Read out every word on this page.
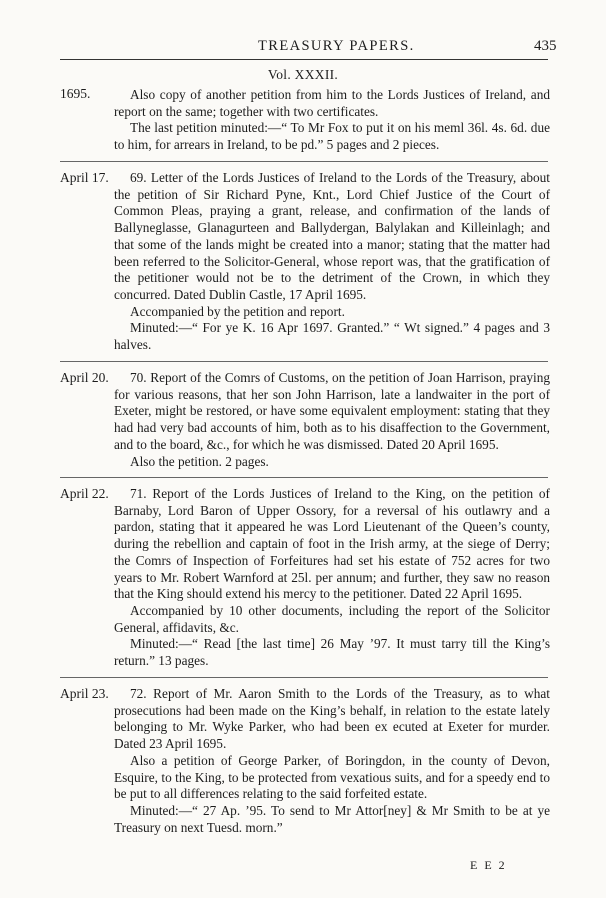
TREASURY PAPERS.	435
Vol. XXXII.
1695.	Also copy of another petition from him to the Lords Justices of Ireland, and report on the same; together with two certificates.

The last petition minuted:—“ To Mr Fox to put it on his meml 36l. 4s. 6d. due to him, for arrears in Ireland, to be pd.” 5 pages and 2 pieces.

April 17.	69. Letter of the Lords Justices of Ireland to the Lords of the Treasury, about the petition of Sir Richard Pyne, Knt., Lord Chief Justice of the Court of Common Pleas, praying a grant, release, and confirmation of the lands of Ballyneglasse, Glanagurteen and Ballydergan, Balylakan and Killeinlagh; and that some of the lands might be created into a manor; stating that the matter had been referred to the Solicitor-General, whose report was, that the gratification of the petitioner would not be to the detriment of the Crown, in which they concurred. Dated Dublin Castle, 17 April 1695.

Accompanied by the petition and report.

Minuted:—“ For ye K. 16 Apr 1697. Granted.” “ Wt signed.” 4 pages and 3 halves.

April 20.	70. Report of the Comrs of Customs, on the petition of Joan Harrison, praying for various reasons, that her son John Harrison, late a landwaiter in the port of Exeter, might be restored, or have some equivalent employment: stating that they had had very bad accounts of him, both as to his disaffection to the Government, and to the board, &c., for which he was dismissed. Dated 20 April 1695.

Also the petition. 2 pages.

April 22.	71. Report of the Lords Justices of Ireland to the King, on the petition of Barnaby, Lord Baron of Upper Ossory, for a reversal of his outlawry and a pardon, stating that it appeared he was Lord Lieutenant of the Queen’s county, during the rebellion and captain of foot in the Irish army, at the siege of Derry; the Comrs of Inspection of Forfeitures had set his estate of 752 acres for two years to Mr. Robert Warnford at 25l. per annum; and further, they saw no reason that the King should extend his mercy to the petitioner. Dated 22 April 1695.

Accompanied by 10 other documents, including the report of the Solicitor General, affidavits, &c.

Minuted:—“ Read [the last time] 26 May ’97. It must tarry till the King’s return.” 13 pages.

April 23.	72. Report of Mr. Aaron Smith to the Lords of the Treasury, as to what prosecutions had been made on the King’s behalf, in relation to the estate lately belonging to Mr. Wyke Parker, who had been ex ecuted at Exeter for murder. Dated 23 April 1695.

Also a petition of George Parker, of Boringdon, in the county of Devon, Esquire, to the King, to be protected from vexatious suits, and for a speedy end to be put to all differences relating to the said forfeited estate.

Minuted:—“ 27 Ap. ’95. To send to Mr Attor[ney] & Mr Smith to be at ye Treasury on next Tuesd. morn.”

E E 2
